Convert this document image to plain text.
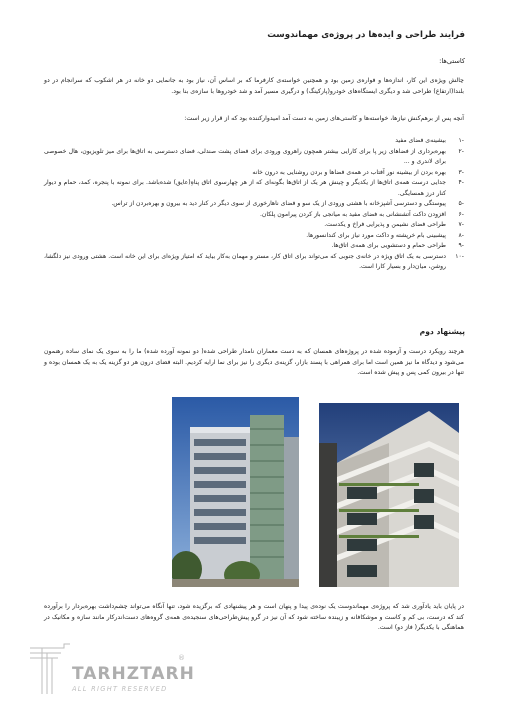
فرایند طراحی و ایده‌ها در پروژه‌ی مهماندوست
کاستی‌ها:
چالش ویژه‌ی این کار، اندازه‌ها و فواره‌ی زمین بود و همچنین خواسته‌ی کارفرما که بر اساس آن، نیاز بود به جانمایی دو خانه در هر اشکوب که سرانجام در دو بلندا(ارتفاع) طراحی شد و دیگری ایستگاه‌های خودرو(پارکینگ) و درگیری مسیر آمد و شد خودروها با سازه‌ی بنا بود.
آنچه پس از برهم‌کنش نیازها، خواسته‌ها و کاستی‌های زمین به دست آمد امیدوارکننده بود که از قرار زیر است:
-۱
بیشینه‌ی فضای مفید
-۲
بهره‌برداری از فضاهای زیر پا برای کارایی بیشتر همچون راهروی ورودی برای فضای پشت صندلی، فضای دسترسی به اتاق‌ها برای میز تلویزیون، هال خصوصی برای لاندری و ...
-۳
بهره بردن از بیشینه نور آفتاب در همه‌ی فضاها و بردن روشنایی به درون خانه
-۴
جدایی درست همه‌ی اتاق‌ها از یکدیگر و چینش هر یک از اتاق‌ها بگونه‌ای که از هر چهارسوی اتاق پناهِ(عایق) شده‌باشد. برای نمونه با پنجره، کمد، حمام و دیوار کنار درز همسایگی.
-۵
پیوستگی و دسترسی آشپزخانه با هشتی ورودی از یک سو و فضای ناهارخوری از سوی دیگر در کنار دید به بیرون و بهره‌بردن از تراس.
-۶
افزودن داکت آتشنشانی به فضای مفید به میانجی باز کردن پیرامون پلکان.
-۷
طراحی فضای نشیمن و پذیرایی فراخ و یکدست.
-۸
پیشبینی بام خرپشته و داکت مورد نیاز برای کندانسورها.
-۹
طراحی حمام و دستشویی برای همه‌ی اتاق‌ها.
-۱۰
دسترسی به یک اتاق ویژه در خانه‌ی جنوبی که می‌تواند برای اتاق کار، مستر و مهمان به‌کار بیاید که امتیاز ویژه‌ای برای این خانه است. هشتی ورودی نیز دلگشا، روشن، میان‌دار و بسیار کارا است.
پیشنهاد دوم
هرچند رویکرد درست و آزموده شده در پروژه‌های همسان که به دست معماران نامدار طراحی شده( دو نمونه آورده شده) ما را به سوی یک نمای ساده رهنمون می‌شود و دیدگاه ما نیز همین است اما برای همراهی با پسند بازار، گزینه‌ی دیگری را نیز برای نما ارایه کردیم. البته فضای درون هر دو گزینه یک به یک همسان بوده و تنها در بیرون کمی پس و پیش شده است.
در پایان باید یادآوری شد که پروژه‌ی مهماندوست یک نوده‌ی پیدا و پنهان است و هر پیشنهادی که برگزیده شود، تنها آنگاه می‌تواند چشم‌داشت بهره‌بردار را برآورده کند که درست، بی کم و کاست و موشکافانه و زیبنده ساخته شود که آن نیز در گرو پیش‌طراحی‌های سنجیده‌ی همه‌ی گروه‌های دست‌اندرکار مانند سازه و مکانیک در هماهنگی با یکدیگر( فاز دو) است.
TARHZTARH
®
ALL RIGHT RESERVED
